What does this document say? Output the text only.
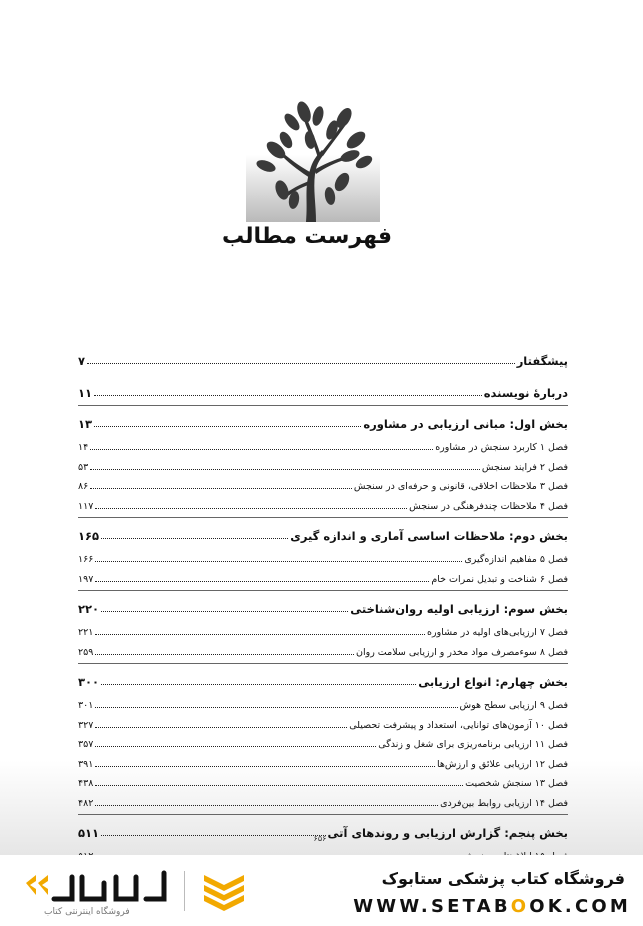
فهرست مطالب
پیشگفتار
۷
دربارهٔ نویسنده
۱۱
بخش اول: مبانی ارزیابی در مشاوره
۱۳
فصل ۱ کاربرد سنجش در مشاوره
۱۴
فصل ۲ فرایند سنجش
۵۳
فصل ۳ ملاحظات اخلاقی، قانونی و حرفه‌ای در سنجش
۸۶
فصل ۴ ملاحظات چندفرهنگی در سنجش
۱۱۷
بخش دوم: ملاحظات اساسی آماری و اندازه گیری
۱۶۵
فصل ۵ مفاهیم اندازه‌گیری
۱۶۶
فصل ۶ شناخت و تبدیل نمرات خام
۱۹۷
بخش سوم: ارزیابی اولیه روان‌شناختی
۲۲۰
فصل ۷ ارزیابی‌های اولیه در مشاوره
۲۲۱
فصل ۸ سوءمصرف مواد مخدر و ارزیابی سلامت روان
۲۵۹
بخش چهارم: انواع ارزیابی
۳۰۰
فصل ۹ ارزیابی سطح هوش
۳۰۱
فصل ۱۰ آزمون‌های توانایی، استعداد و پیشرفت تحصیلی
۳۲۷
فصل ۱۱ ارزیابی برنامه‌ریزی برای شغل و زندگی
۳۵۷
فصل ۱۲ ارزیابی علائق و ارزش‌ها
۳۹۱
فصل ۱۳ سنجش شخصیت
۴۳۸
فصل ۱۴ ارزیابی روابط بین‌فردی
۴۸۲
بخش پنجم: گزارش ارزیابی و روندهای آتی
۵۱۱	۶۵۶
فروشگاه کتاب پزشکی ستابوک
WWW.SETABOOK.COM
فروشگاه اینترنتی کتاب
